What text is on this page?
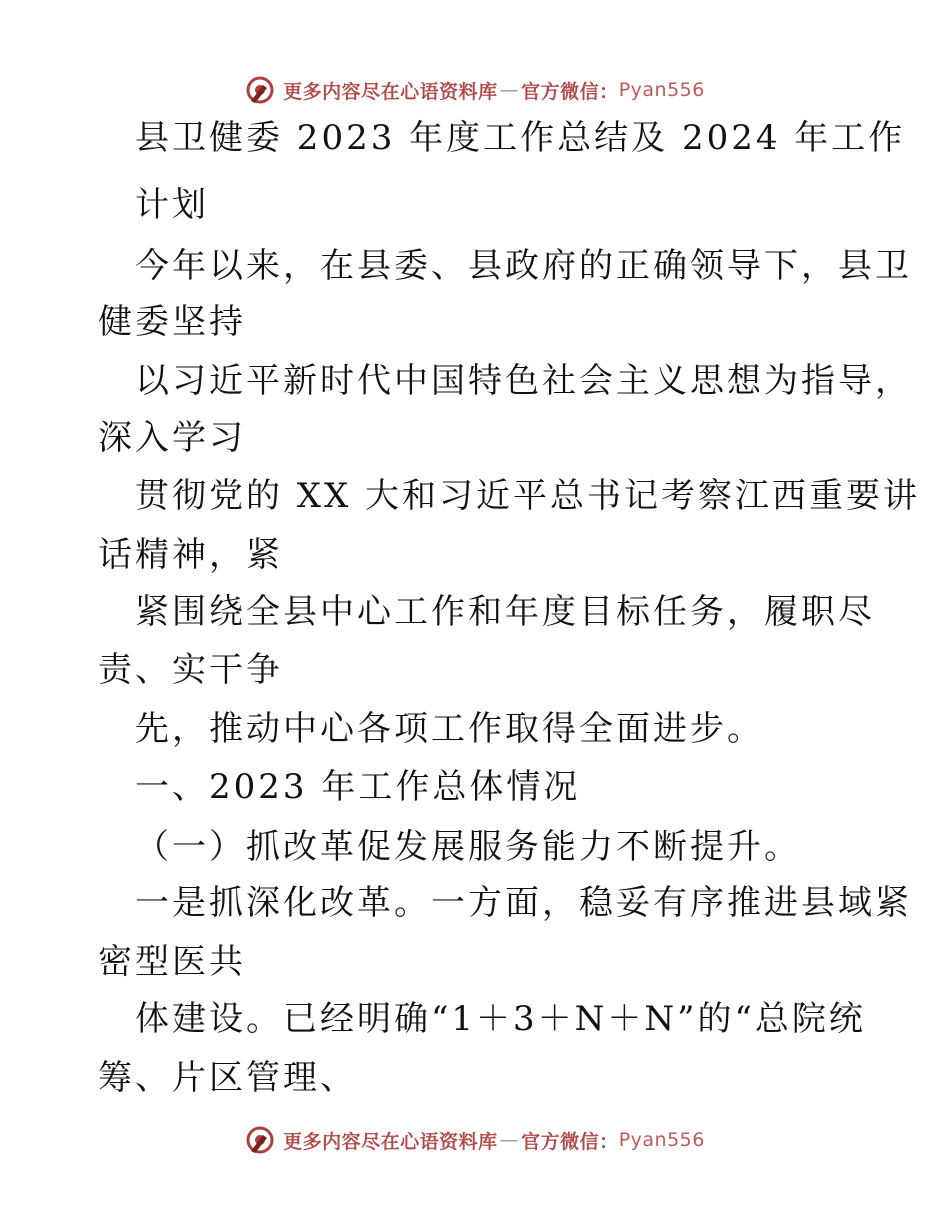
更多内容尽在心语资料库 — 官方微信： Pyan556
县卫健委 2023 年度工作总结及 2024 年工作
计划
今年以来，在县委、县政府的正确领导下，县卫
健委坚持
以习近平新时代中国特色社会主义思想为指导，
深入学习
贯彻党的 XX 大和习近平总书记考察江西重要讲
话精神，紧
紧围绕全县中心工作和年度目标任务，履职尽
责、实干争
先，推动中心各项工作取得全面进步。
一、2023 年工作总体情况
（一）抓改革促发展服务能力不断提升。
一是抓深化改革。一方面，稳妥有序推进县域紧
密型医共
体建设。已经明确“1＋3＋N＋N”的“总院统
筹、片区管理、
更多内容尽在心语资料库 — 官方微信： Pyan556
